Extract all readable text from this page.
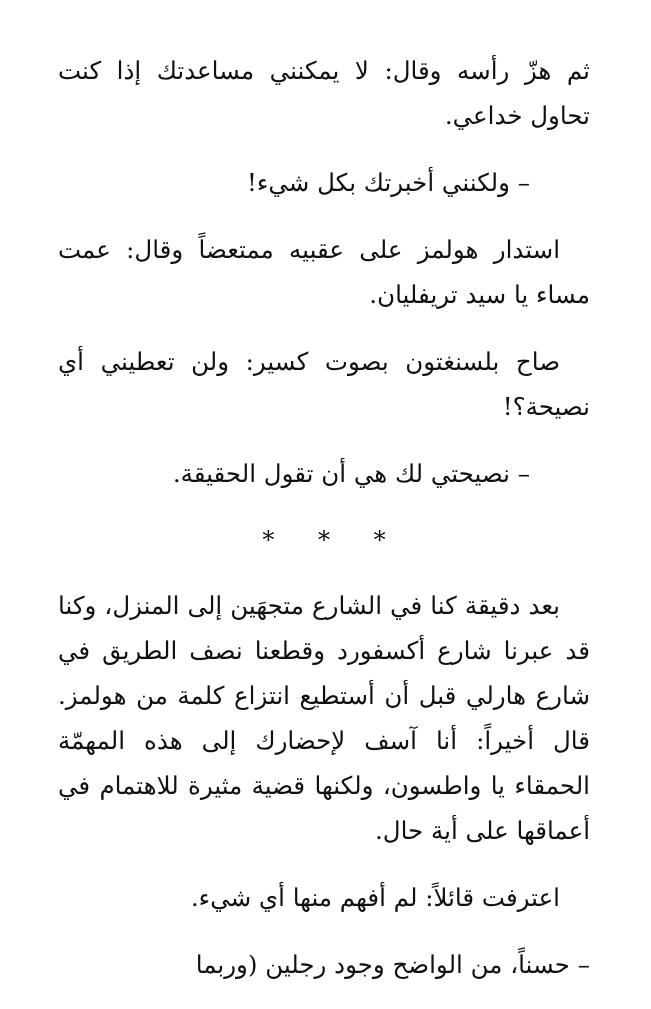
ثم هزّ رأسه وقال: لا يمكنني مساعدتك إذا كنت تحاول خداعي.

– ولكنني أخبرتك بكل شيء!

استدار هولمز على عقبيه ممتعضاً وقال: عمت مساء يا سيد تريفليان.

صاح بلسنغتون بصوت كسير: ولن تعطيني أي نصيحة؟!

– نصيحتي لك هي أن تقول الحقيقة.

* * *

بعد دقيقة كنا في الشارع متجهَين إلى المنزل، وكنا قد عبرنا شارع أكسفورد وقطعنا نصف الطريق في شارع هارلي قبل أن أستطيع انتزاع كلمة من هولمز. قال أخيراً: أنا آسف لإحضارك إلى هذه المهمّة الحمقاء يا واطسون، ولكنها قضية مثيرة للاهتمام في أعماقها على أية حال.

اعترفت قائلاً: لم أفهم منها أي شيء.

– حسناً، من الواضح وجود رجلين (وربما
